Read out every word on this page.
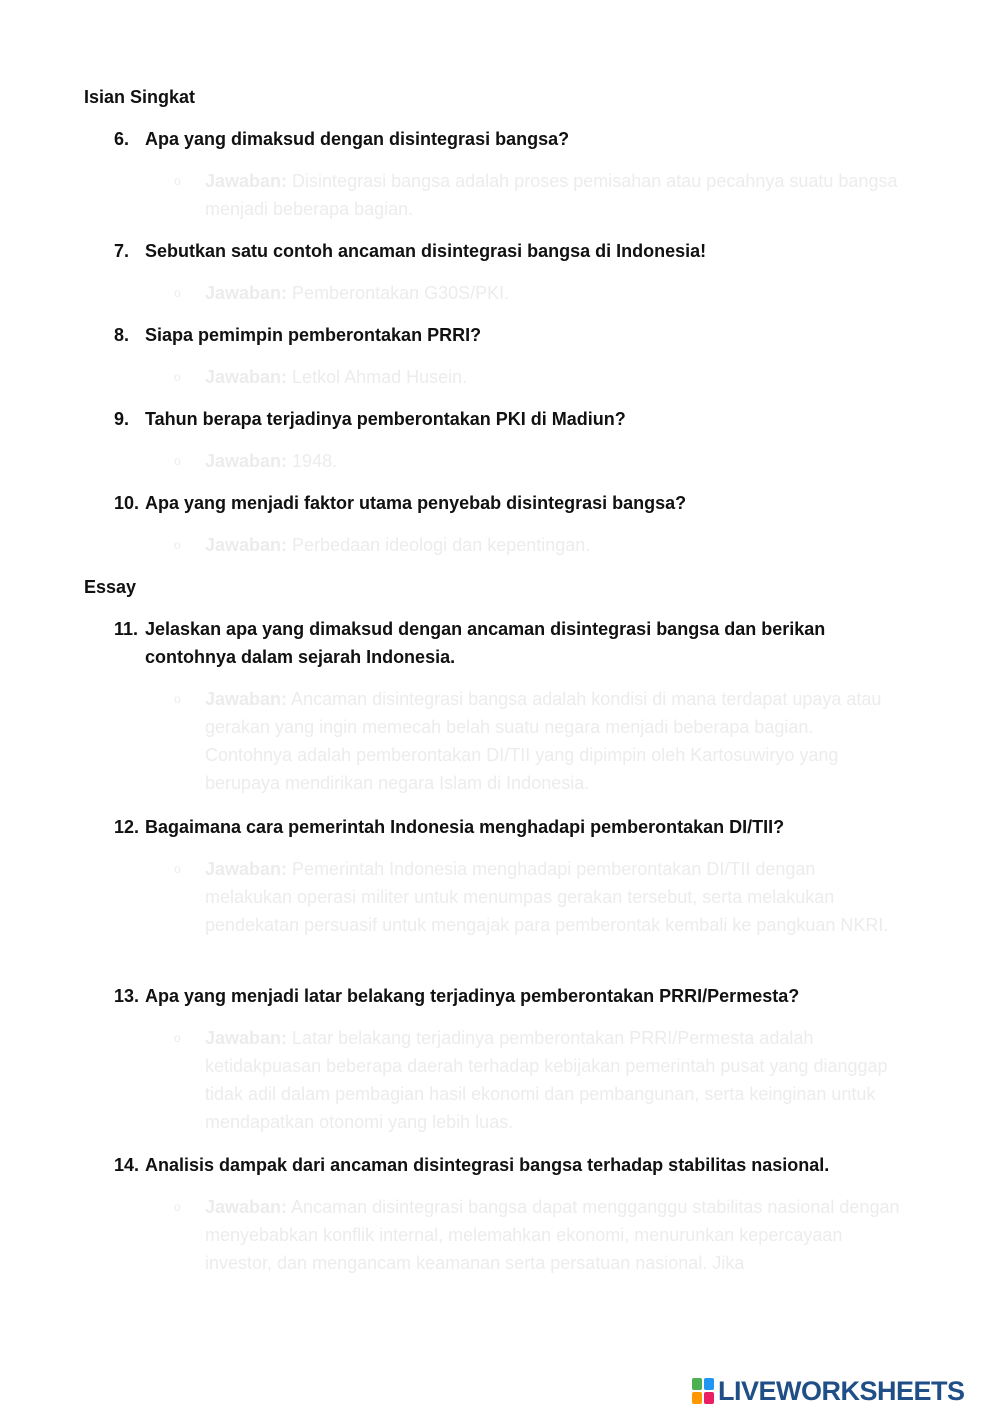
Isian Singkat
6. Apa yang dimaksud dengan disintegrasi bangsa?
o	Jawaban: Disintegrasi bangsa adalah proses pemisahan atau pecahnya suatu bangsa menjadi beberapa bagian.
7. Sebutkan satu contoh ancaman disintegrasi bangsa di Indonesia!
o	Jawaban: Pemberontakan G30S/PKI.
8. Siapa pemimpin pemberontakan PRRI?
o	Jawaban: Letkol Ahmad Husein.
9. Tahun berapa terjadinya pemberontakan PKI di Madiun?
o	Jawaban: 1948.
10. Apa yang menjadi faktor utama penyebab disintegrasi bangsa?
o	Jawaban: Perbedaan ideologi dan kepentingan.
Essay
11. Jelaskan apa yang dimaksud dengan ancaman disintegrasi bangsa dan berikan contohnya dalam sejarah Indonesia.
o	Jawaban: Ancaman disintegrasi bangsa adalah kondisi di mana terdapat upaya atau gerakan yang ingin memecah belah suatu negara menjadi beberapa bagian. Contohnya adalah pemberontakan DI/TII yang dipimpin oleh Kartosuwiryo yang berupaya mendirikan negara Islam di Indonesia.
12. Bagaimana cara pemerintah Indonesia menghadapi pemberontakan DI/TII?
o	Jawaban: Pemerintah Indonesia menghadapi pemberontakan DI/TII dengan melakukan operasi militer untuk menumpas gerakan tersebut, serta melakukan pendekatan persuasif untuk mengajak para pemberontak kembali ke pangkuan NKRI.
13. Apa yang menjadi latar belakang terjadinya pemberontakan PRRI/Permesta?
o	Jawaban: Latar belakang terjadinya pemberontakan PRRI/Permesta adalah ketidakpuasan beberapa daerah terhadap kebijakan pemerintah pusat yang dianggap tidak adil dalam pembagian hasil ekonomi dan pembangunan, serta keinginan untuk mendapatkan otonomi yang lebih luas.
14. Analisis dampak dari ancaman disintegrasi bangsa terhadap stabilitas nasional.
o	Jawaban: Ancaman disintegrasi bangsa dapat mengganggu stabilitas nasional dengan menyebabkan konflik internal, melemahkan ekonomi, menurunkan kepercayaan investor, dan mengancam keamanan serta persatuan nasional. Jika
LIVEWORKSHEETS
